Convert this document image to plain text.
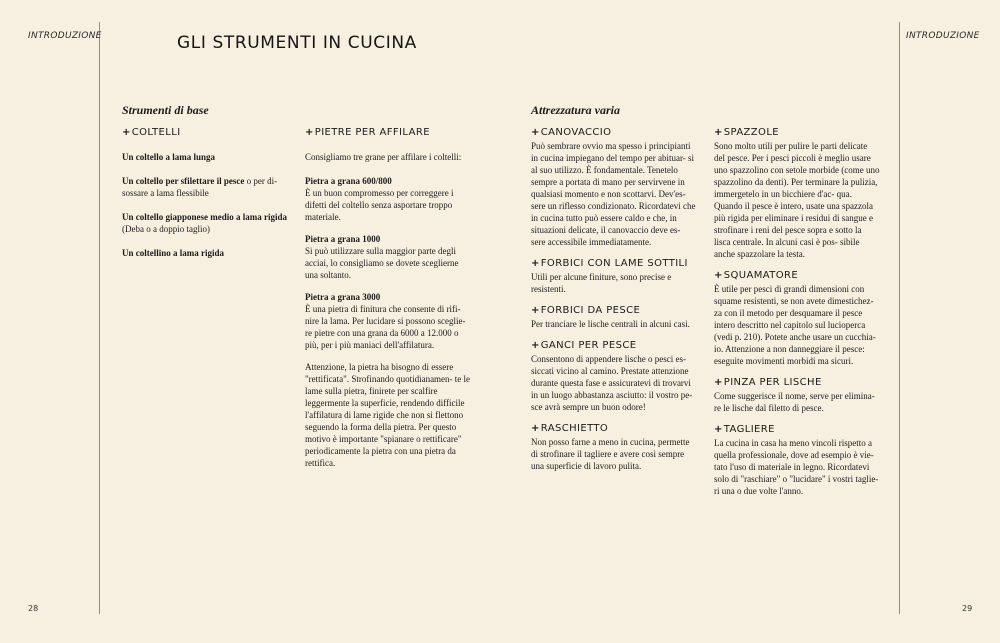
INTRODUZIONE	INTRODUZIONE
GLI STRUMENTI IN CUCINA
Strumenti di base	Attrezzatura varia
+COLTELLI

Un coltello a lama lunga

Un coltello per sfilettare il pesce o per di- sossare a lama flessibile

Un coltello giapponese medio a lama rigida (Deba o a doppio taglio)

Un coltellino a lama rigida

+PIETRE PER AFFILARE

Consigliamo tre grane per affilare i coltelli:

Pietra a grana 600/800
È un buon compromesso per correggere i difetti del coltello senza asportare troppo materiale.

Pietra a grana 1000
Si può utilizzare sulla maggior parte degli acciai, lo consigliamo se dovete sceglierne una soltanto.

Pietra a grana 3000
È una pietra di finitura che consente di rifi- nire la lama. Per lucidare si possono sceglie- re pietre con una grana da 6000 a 12.000 o più, per i più maniaci dell'affilatura.

Attenzione, la pietra ha bisogno di essere "rettificata". Strofinando quotidianamen- te le lame sulla pietra, finirete per scalfire leggermente la superficie, rendendo difficile l'affilatura di lame rigide che non si flettono seguendo la forma della pietra. Per questo motivo è importante "spianare o rettificare" periodicamente la pietra con una pietra da rettifica.

+CANOVACCIO
Può sembrare ovvio ma spesso i principianti in cucina impiegano del tempo per abituar- si al suo utilizzo. È fondamentale. Tenetelo sempre a portata di mano per servirvene in qualsiasi momento e non scottarvi. Dev'es- sere un riflesso condizionato. Ricordatevi che in cucina tutto può essere caldo e che, in situazioni delicate, il canovaccio deve es- sere accessibile immediatamente.
+FORBICI CON LAME SOTTILI
Utili per alcune finiture, sono precise e resistenti.
+FORBICI DA PESCE
Per tranciare le lische centrali in alcuni casi.
+GANCI PER PESCE
Consentono di appendere lische o pesci es- siccati vicino al camino. Prestate attenzione durante questa fase e assicuratevi di trovarvi in un luogo abbastanza asciutto: il vostro pe- sce avrà sempre un buon odore!
+RASCHIETTO
Non posso farne a meno in cucina, permette di strofinare il tagliere e avere così sempre una superficie di lavoro pulita.
+SPAZZOLE
Sono molto utili per pulire le parti delicate del pesce. Per i pesci piccoli è meglio usare uno spazzolino con setole morbide (come uno spazzolino da denti). Per terminare la pulizia, immergetelo in un bicchiere d'ac- qua. Quando il pesce è intero, usate una spazzola più rigida per eliminare i residui di sangue e strofinare i reni del pesce sopra e sotto la lisca centrale. In alcuni casi è pos- sibile anche spazzolare la testa.
+SQUAMATORE
È utile per pesci di grandi dimensioni con squame resistenti, se non avete dimestichez- za con il metodo per desquamare il pesce intero descritto nel capitolo sul luciоperca (vedi p. 210). Potete anche usare un cucchia- io. Attenzione a non danneggiare il pesce: eseguite movimenti morbidi ma sicuri.
+PINZA PER LISCHE
Come suggerisce il nome, serve per elimina- re le lische dal filetto di pesce.
+TAGLIERE
La cucina in casa ha meno vincoli rispetto a quella professionale, dove ad esempio è vie- tato l'uso di materiale in legno. Ricordatevi solo di "raschiare" o "lucidare" i vostri taglie- ri una o due volte l'anno.
28	29
